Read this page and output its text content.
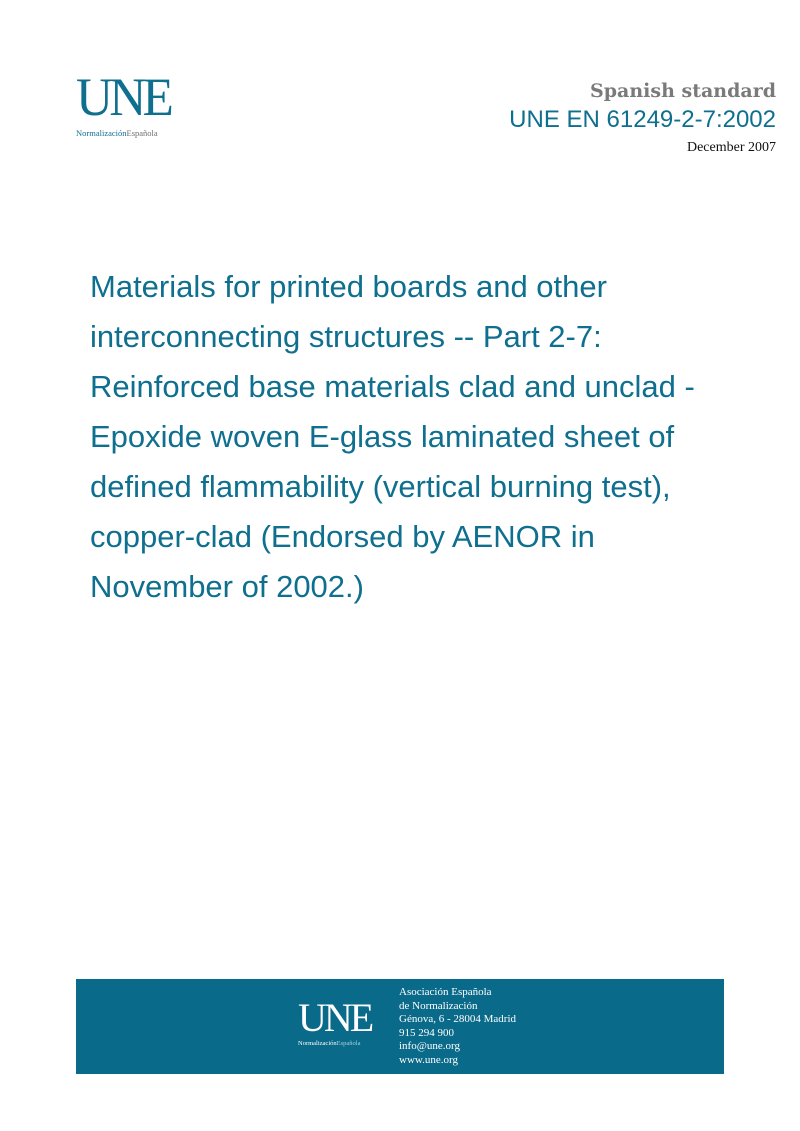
UNE
NormalizaciónEspañola
Spanish standard
UNE EN 61249-2-7:2002
December 2007
Materials for printed boards and other interconnecting structures -- Part 2-7: Reinforced base materials clad and unclad - Epoxide woven E-glass laminated sheet of defined flammability (vertical burning test), copper-clad (Endorsed by AENOR in November of 2002.)
UNE
NormalizaciónEspañola
Asociación Española
de Normalización
Génova, 6 - 28004 Madrid
915 294 900
info@une.org
www.une.org
